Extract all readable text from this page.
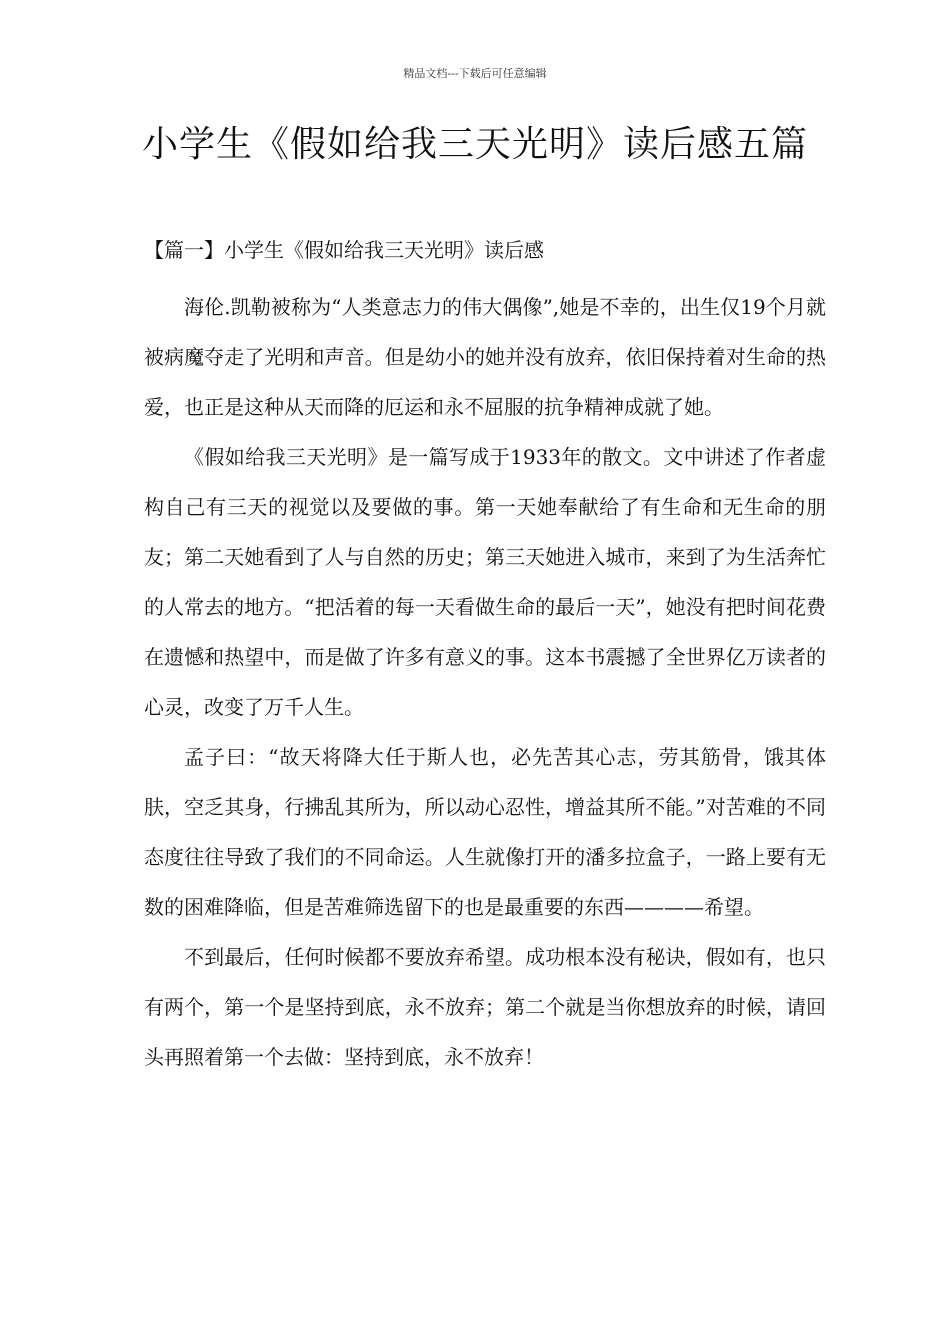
精品文档---下载后可任意编辑
小学生《假如给我三天光明》读后感五篇
【篇一】小学生《假如给我三天光明》读后感

海伦.凯勒被称为“人类意志力的伟大偶像”,她是不幸的，出生仅19个月就被病魔夺走了光明和声音。但是幼小的她并没有放弃，依旧保持着对生命的热爱，也正是这种从天而降的厄运和永不屈服的抗争精神成就了她。

《假如给我三天光明》是一篇写成于1933年的散文。文中讲述了作者虚构自己有三天的视觉以及要做的事。第一天她奉献给了有生命和无生命的朋友；第二天她看到了人与自然的历史；第三天她进入城市，来到了为生活奔忙的人常去的地方。“把活着的每一天看做生命的最后一天”，她没有把时间花费在遗憾和热望中，而是做了许多有意义的事。这本书震撼了全世界亿万读者的心灵，改变了万千人生。

孟子曰：“故天将降大任于斯人也，必先苦其心志，劳其筋骨，饿其体肤，空乏其身，行拂乱其所为，所以动心忍性，增益其所不能。”对苦难的不同态度往往导致了我们的不同命运。人生就像打开的潘多拉盒子，一路上要有无数的困难降临，但是苦难筛选留下的也是最重要的东西————希望。

不到最后，任何时候都不要放弃希望。成功根本没有秘诀，假如有，也只有两个，第一个是坚持到底，永不放弃；第二个就是当你想放弃的时候，请回头再照着第一个去做：坚持到底，永不放弃！
